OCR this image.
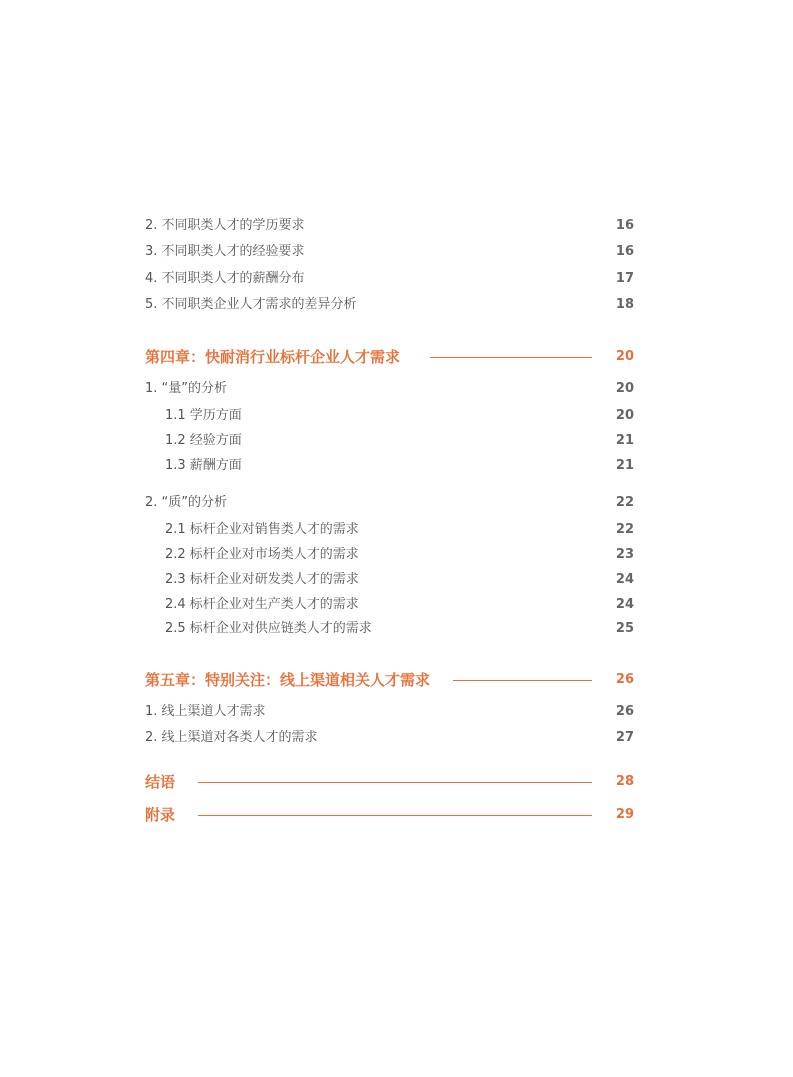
2. 不同职类人才的学历要求	16
3. 不同职类人才的经验要求	16
4. 不同职类人才的薪酬分布	17
5. 不同职类企业人才需求的差异分析	18
第四章：快耐消行业标杆企业人才需求	20
1. “量”的分析	20
1.1 学历方面	20
1.2 经验方面	21
1.3 薪酬方面	21
2. “质”的分析	22
2.1 标杆企业对销售类人才的需求	22
2.2 标杆企业对市场类人才的需求	23
2.3 标杆企业对研发类人才的需求	24
2.4 标杆企业对生产类人才的需求	24
2.5 标杆企业对供应链类人才的需求	25
第五章：特别关注：线上渠道相关人才需求	26
1. 线上渠道人才需求	26
2. 线上渠道对各类人才的需求	27
结语	28
附录	29
